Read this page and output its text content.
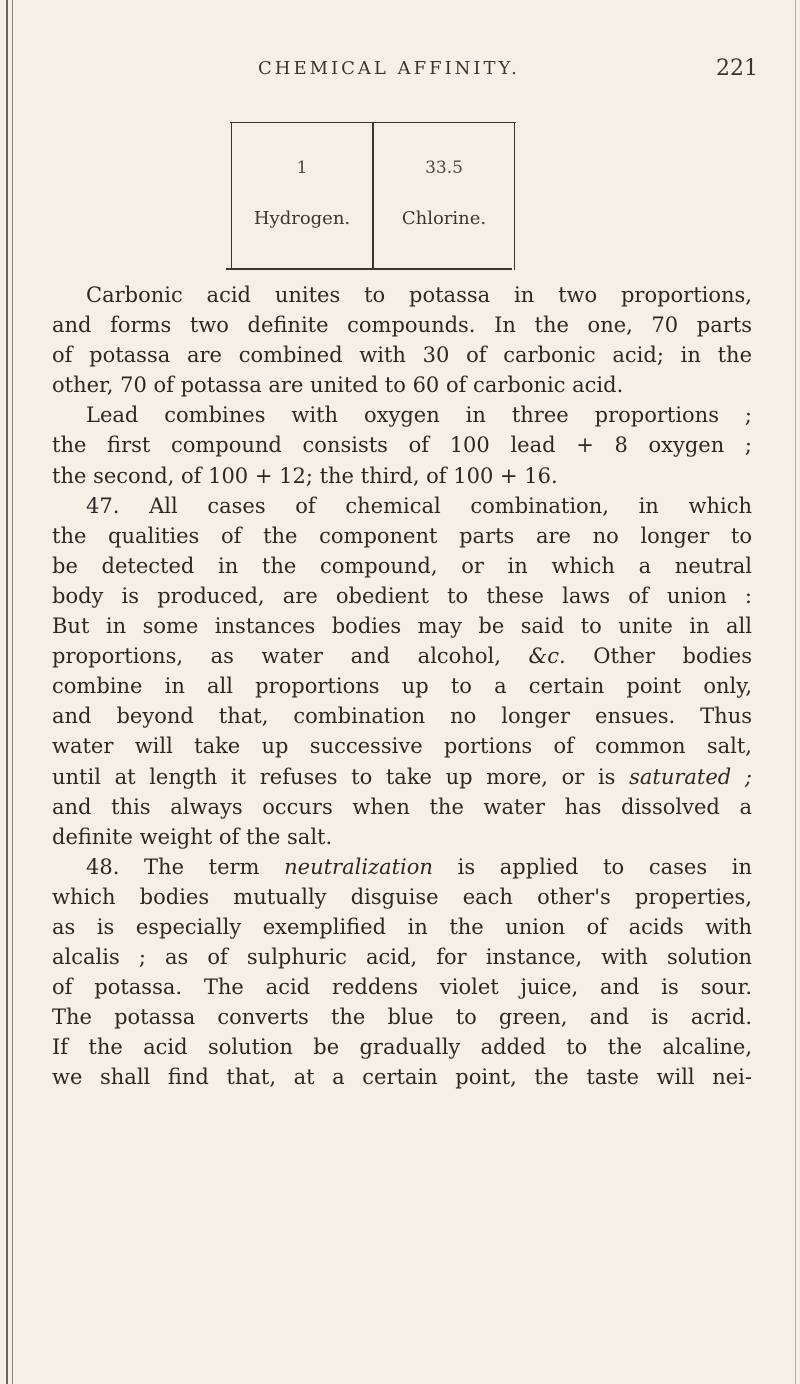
CHEMICAL AFFINITY.	221
1
Hydrogen.
33.5
Chlorine.
Carbonic acid unites to potassa in two proportions,
and forms two definite compounds. In the one, 70 parts
of potassa are combined with 30 of carbonic acid; in the
other, 70 of potassa are united to 60 of carbonic acid.
Lead combines with oxygen in three proportions ;
the first compound consists of 100 lead + 8 oxygen ;
the second, of 100 + 12; the third, of 100 + 16.
47. All cases of chemical combination, in which
the qualities of the component parts are no longer to
be detected in the compound, or in which a neutral
body is produced, are obedient to these laws of union :
But in some instances bodies may be said to unite in all
proportions, as water and alcohol, &c. Other bodies
combine in all proportions up to a certain point only,
and beyond that, combination no longer ensues. Thus
water will take up successive portions of common salt,
until at length it refuses to take up more, or is saturated ;
and this always occurs when the water has dissolved a
definite weight of the salt.
48. The term neutralization is applied to cases in
which bodies mutually disguise each other's properties,
as is especially exemplified in the union of acids with
alcalis ; as of sulphuric acid, for instance, with solution
of potassa. The acid reddens violet juice, and is sour.
The potassa converts the blue to green, and is acrid.
If the acid solution be gradually added to the alcaline,
we shall find that, at a certain point, the taste will nei-
